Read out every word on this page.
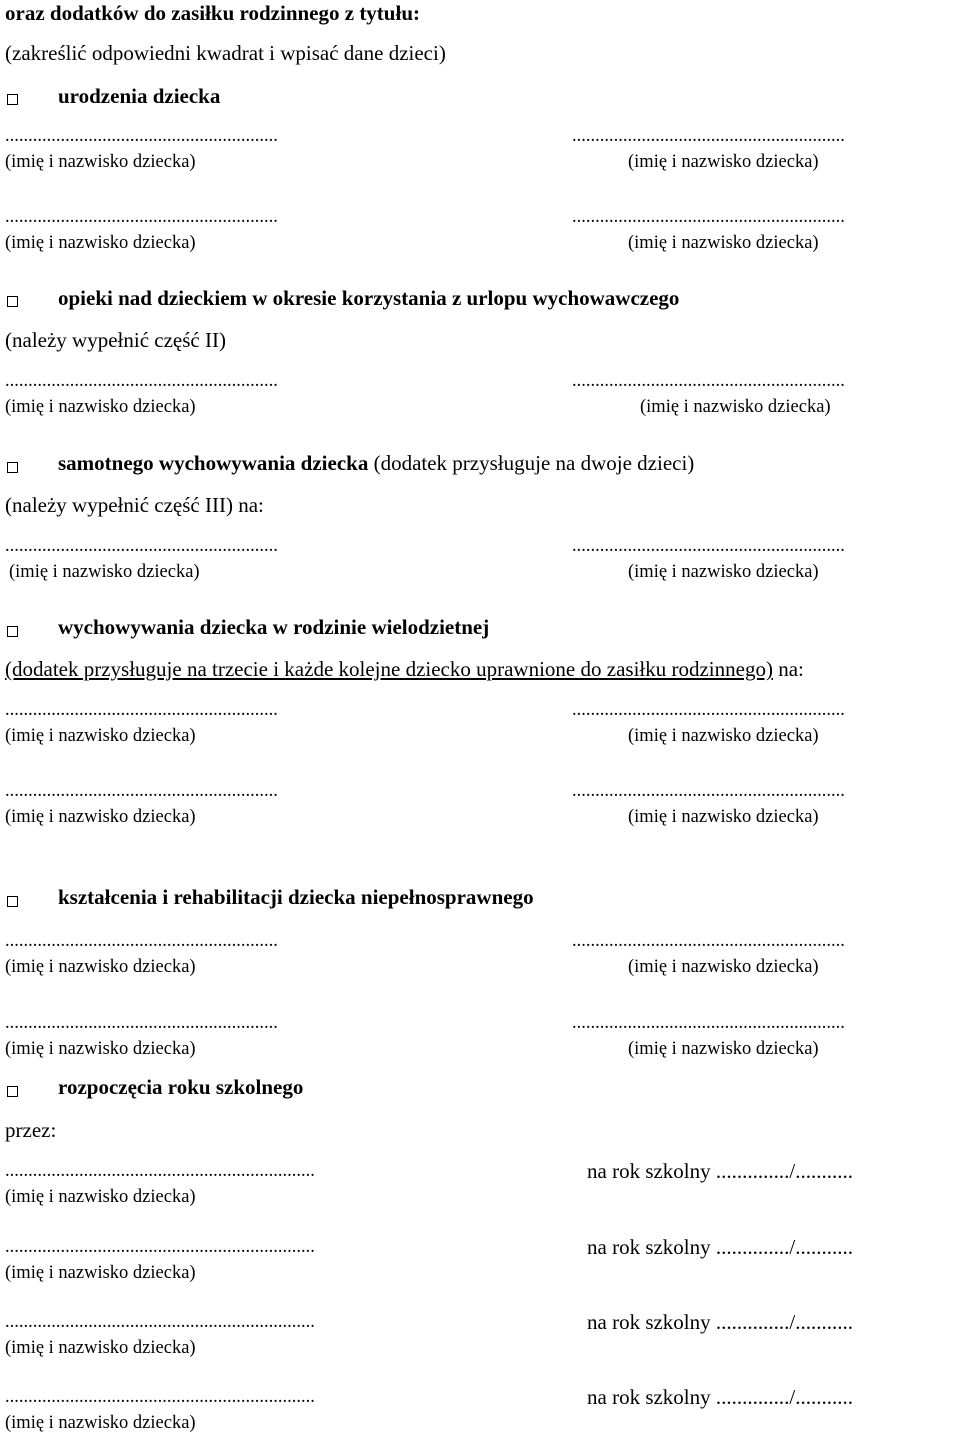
oraz dodatków do zasiłku rodzinnego z tytułu:
(zakreślić odpowiedni kwadrat i wpisać dane dzieci)
urodzenia dziecka
...........................................................	...........................................................
(imię i nazwisko dziecka)	(imię i nazwisko dziecka)
...........................................................	...........................................................
(imię i nazwisko dziecka)	(imię i nazwisko dziecka)
opieki nad dzieckiem w okresie korzystania z urlopu wychowawczego
(należy wypełnić część II)
...........................................................	...........................................................
(imię i nazwisko dziecka)	(imię i nazwisko dziecka)
samotnego wychowywania dziecka (dodatek przysługuje na dwoje dzieci)
(należy wypełnić część III) na:
...........................................................	...........................................................
(imię i nazwisko dziecka)	(imię i nazwisko dziecka)
wychowywania dziecka w rodzinie wielodzietnej
(dodatek przysługuje na trzecie i każde kolejne dziecko uprawnione do zasiłku rodzinnego) na:
...........................................................	...........................................................
(imię i nazwisko dziecka)	(imię i nazwisko dziecka)
...........................................................	...........................................................
(imię i nazwisko dziecka)	(imię i nazwisko dziecka)
kształcenia i rehabilitacji dziecka niepełnosprawnego
...........................................................	...........................................................
(imię i nazwisko dziecka)	(imię i nazwisko dziecka)
...........................................................	...........................................................
(imię i nazwisko dziecka)	(imię i nazwisko dziecka)
rozpoczęcia roku szkolnego
przez:
...................................................................	na rok szkolny ............../...........
(imię i nazwisko dziecka)
...................................................................	na rok szkolny ............../...........
(imię i nazwisko dziecka)
...................................................................	na rok szkolny ............../...........
(imię i nazwisko dziecka)
...................................................................	na rok szkolny ............../...........
(imię i nazwisko dziecka)
